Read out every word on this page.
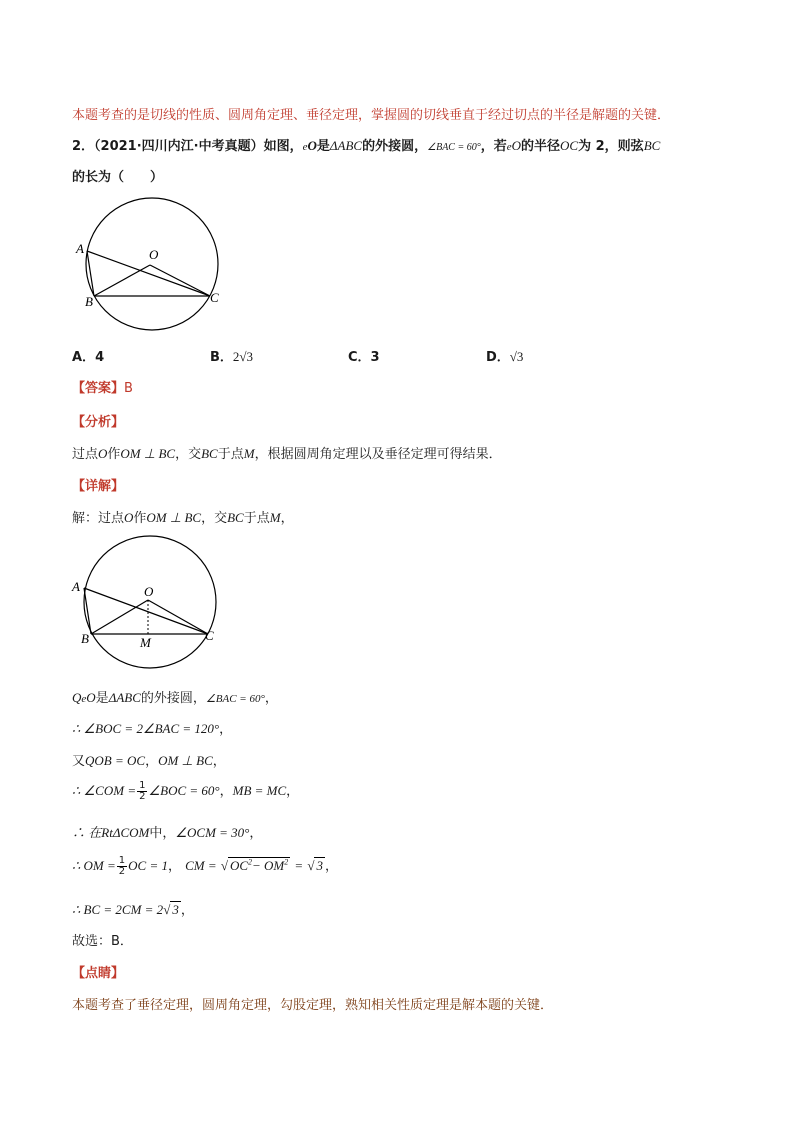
本题考查的是切线的性质、圆周角定理、垂径定理，掌握圆的切线垂直于经过切点的半径是解题的关键．
2．（2021·四川内江·中考真题）如图，eO是ΔABC的外接圆，∠BAC = 60°，若eO的半径OC为 2，则弦BC
的长为（　　）
A	O
B	C
A．4	B．2√3	C．3	D．√3
【答案】B
【分析】
过点O作OM ⊥ BC，交BC于点M，根据圆周角定理以及垂径定理可得结果．
【详解】
解：过点O作OM ⊥ BC，交BC于点M，
A	O
B	C
M
QeO是ΔABC的外接圆，∠BAC = 60°，
∴ ∠BOC = 2∠BAC = 120°，
又QOB = OC，OM ⊥ BC，
∴ ∠COM = $\frac{1}{2}$ ∠BOC = 60°，MB = MC，
∴ 在RtΔCOM中，∠OCM = 30°，
∴ OM = $\frac{1}{2}$ OC = 1， CM = √ $OC^2- OM^2$ = √ 3 ，
∴ BC = 2CM = 2√ 3 ，
故选：B．
【点睛】
本题考查了垂径定理，圆周角定理，勾股定理，熟知相关性质定理是解本题的关键．
